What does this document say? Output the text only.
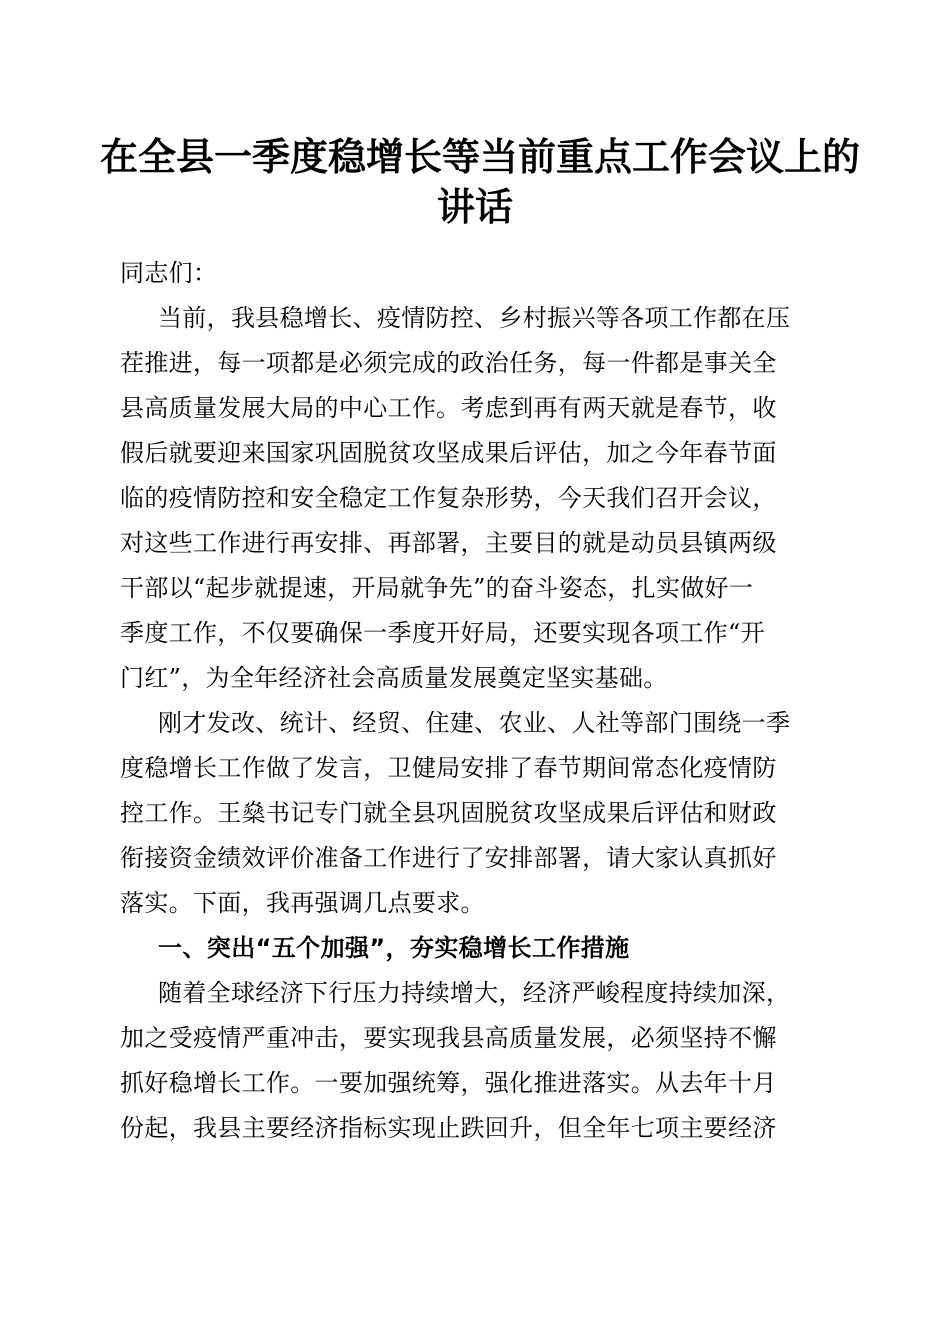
在全县一季度稳增长等当前重点工作会议上的
讲话
同志们：
当前，我县稳增长、疫情防控、乡村振兴等各项工作都在压
茬推进，每一项都是必须完成的政治任务，每一件都是事关全
县高质量发展大局的中心工作。考虑到再有两天就是春节，收
假后就要迎来国家巩固脱贫攻坚成果后评估，加之今年春节面
临的疫情防控和安全稳定工作复杂形势，今天我们召开会议，
对这些工作进行再安排、再部署，主要目的就是动员县镇两级
干部以“起步就提速，开局就争先”的奋斗姿态，扎实做好一
季度工作，不仅要确保一季度开好局，还要实现各项工作“开
门红”，为全年经济社会高质量发展奠定坚实基础。
刚才发改、统计、经贸、住建、农业、人社等部门围绕一季
度稳增长工作做了发言，卫健局安排了春节期间常态化疫情防
控工作。王燊书记专门就全县巩固脱贫攻坚成果后评估和财政
衔接资金绩效评价准备工作进行了安排部署，请大家认真抓好
落实。下面，我再强调几点要求。
一、突出“五个加强”，夯实稳增长工作措施
随着全球经济下行压力持续增大，经济严峻程度持续加深，
加之受疫情严重冲击，要实现我县高质量发展，必须坚持不懈
抓好稳增长工作。一要加强统筹，强化推进落实。从去年十月
份起，我县主要经济指标实现止跌回升，但全年七项主要经济
